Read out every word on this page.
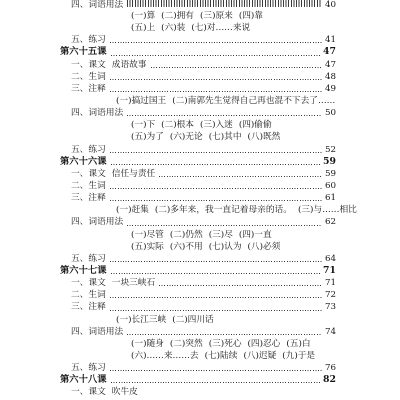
四、词语用法	40
(一)算 (二)拥有 (三)原来 (四)靠
(五)上 (六)装 (七)对……来说
五、练习	41
第六十五课	47
一、课文 成语故事	47
二、生词	48
三、注释	49
(一)搞过国王 (二)南郭先生觉得自己再也混不下去了……
四、词语用法	50
(一)下 (二)根本 (三)入迷 (四)偷偷
(五)为了 (六)无论 (七)其中 (八)既然
五、练习	52
第六十六课	59
一、课文 信任与责任	59
二、生词	60
三、注释	61
(一)赶集 (二)多年来，我一直记着母亲的话。 (三)与……相比
四、词语用法	62
(一)尽管 (二)仍然 (三)尽 (四)一直
(五)实际 (六)不用 (七)认为 (八)必须
五、练习	64
第六十七课	71
一、课文 一块三峡石	71
二、生词	72
三、注释	73
(一)长江三峡 (二)四川话
四、词语用法	74
(一)随身 (二)突然 (三)死心 (四)忍心 (五)白
(六)……来……去 (七)陆续 (八)迟疑 (九)于是
五、练习	76
第六十八课	82
一、课文 吹牛皮
